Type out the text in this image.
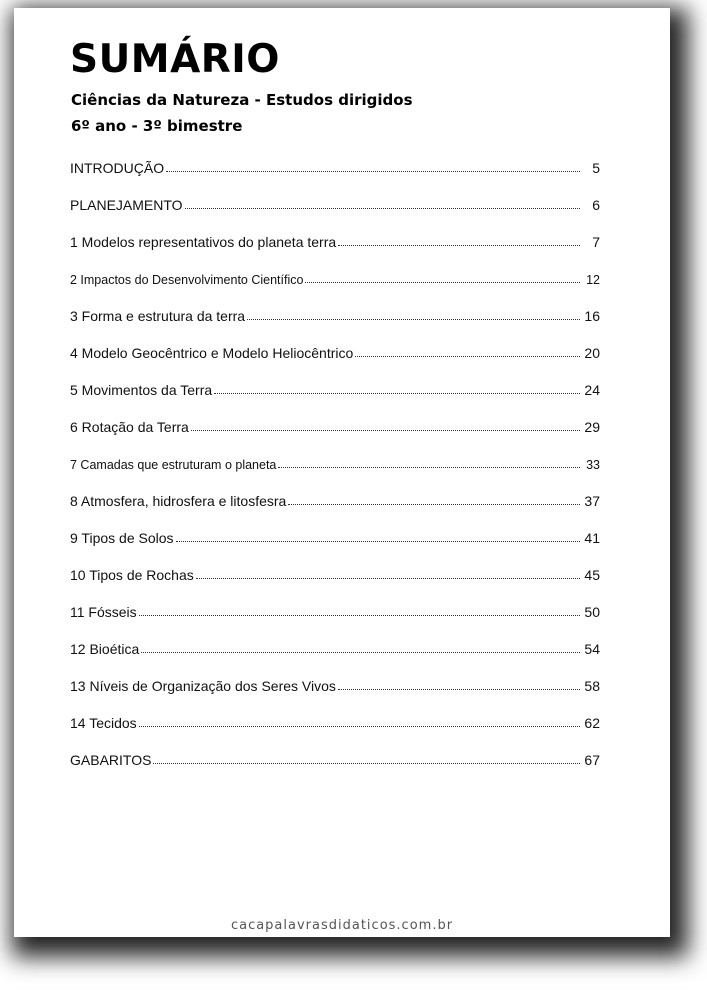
SUMÁRIO

Ciências da Natureza - Estudos dirigidos

6º ano - 3º bimestre

INTRODUÇÃO	5
PLANEJAMENTO	6
1 Modelos representativos do planeta terra	7
2 Impactos do Desenvolvimento Científico	12
3 Forma e estrutura da terra	16
4 Modelo Geocêntrico e Modelo Heliocêntrico	20
5 Movimentos da Terra	24
6 Rotação da Terra	29
7 Camadas que estruturam o planeta	33
8 Atmosfera, hidrosfera e litosfesra	37
9 Tipos de Solos	41
10 Tipos de Rochas	45
11 Fósseis	50
12 Bioética	54
13 Níveis de Organização dos Seres Vivos	58
14 Tecidos	62
GABARITOS	67
cacapalavrasdidaticos.com.br
